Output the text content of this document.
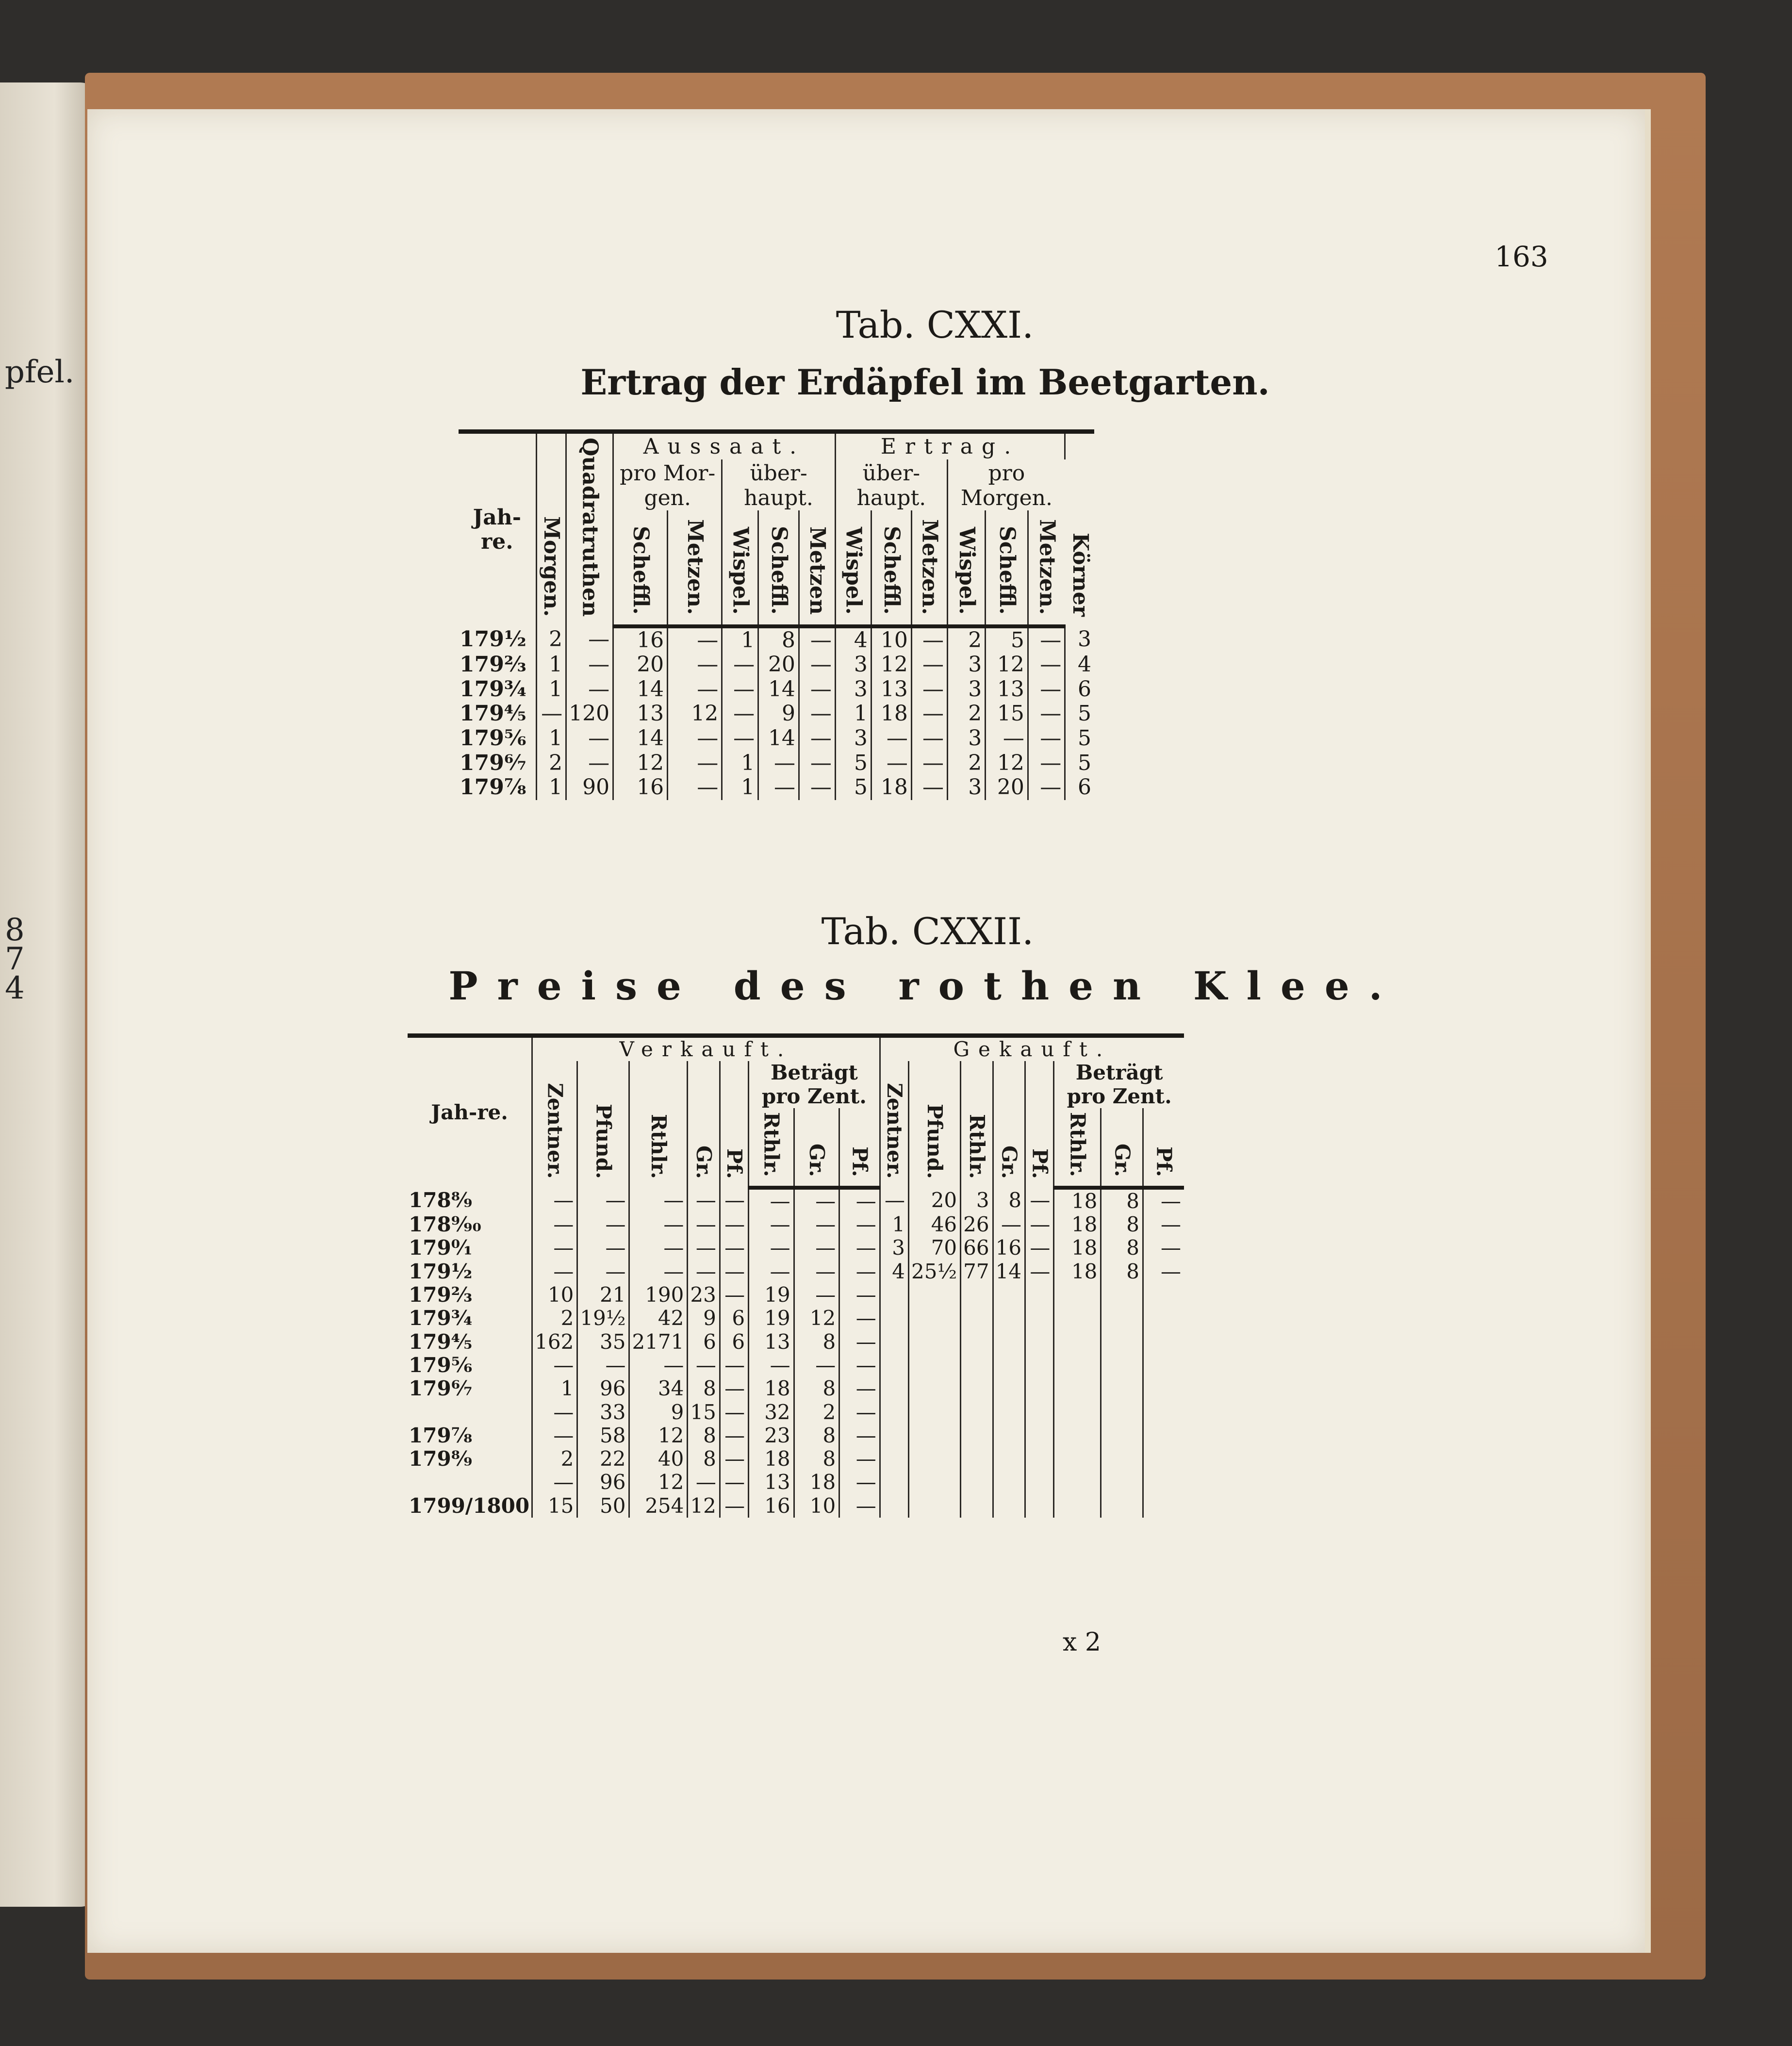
pfel.
8
7
4
163
Tab. CXXI.
Ertrag der Erdäpfel im Beetgarten.
Jah-re.	Morgen.	Quadratruthen	Aussaat.					Ertrag.						Körner
			pro Mor-gen.		über-haupt.			über-haupt.			pro Morgen.			
			Scheffl.	Metzen.	Wispel.	Scheffl.	Metzen	Wispel.	Scheffl.	Metzen.	Wispel.	Scheffl.	Metzen.	
179½	2	—	16	—	1	8	—	4	10	—	2	5	—	3
179⅔	1	—	20	—	—	20	—	3	12	—	3	12	—	4
179¾	1	—	14	—	—	14	—	3	13	—	3	13	—	6
179⅘	—	120	13	12	—	9	—	1	18	—	2	15	—	5
179⅚	1	—	14	—	—	14	—	3	—	—	3	—	—	5
179⁶⁄₇	2	—	12	—	1	—	—	5	—	—	2	12	—	5
179⅞	1	90	16	—	1	—	—	5	18	—	3	20	—	6
Tab. CXXII.
Preise des rothen Klee.
Jah-re.	Verkauft.								Gekauft.							
	Zentner.	Pfund.	Rthlr.	Gr.	Pf.	Beträgt pro Zent.			Zentner.	Pfund.	Rthlr.	Gr.	Pf.	Beträgt pro Zent.		
						Rthlr.	Gr.	Pf.						Rthlr.	Gr.	Pf.
178⁸⁄₉	—	—	—	—	—	—	—	—	—	20	3	8	—	18	8	—
178⁹⁄₉₀	—	—	—	—	—	—	—	—	1	46	26	—	—	18	8	—
179⁰⁄₁	—	—	—	—	—	—	—	—	3	70	66	16	—	18	8	—
179½	—	—	—	—	—	—	—	—	4	25½	77	14	—	18	8	—
179⅔	10	21	190	23	—	19	—	—								
179¾	2	19½	42	9	6	19	12	—								
179⅘	162	35	2171	6	6	13	8	—								
179⅚	—	—	—	—	—	—	—	—								
179⁶⁄₇	1	96	34	8	—	18	8	—								
	—	33	9	15	—	32	2	—								
179⅞	—	58	12	8	—	23	8	—								
179⁸⁄₉	2	22	40	8	—	18	8	—								
	—	96	12	—	—	13	18	—								
1799/1800	15	50	254	12	—	16	10	—								
x 2
